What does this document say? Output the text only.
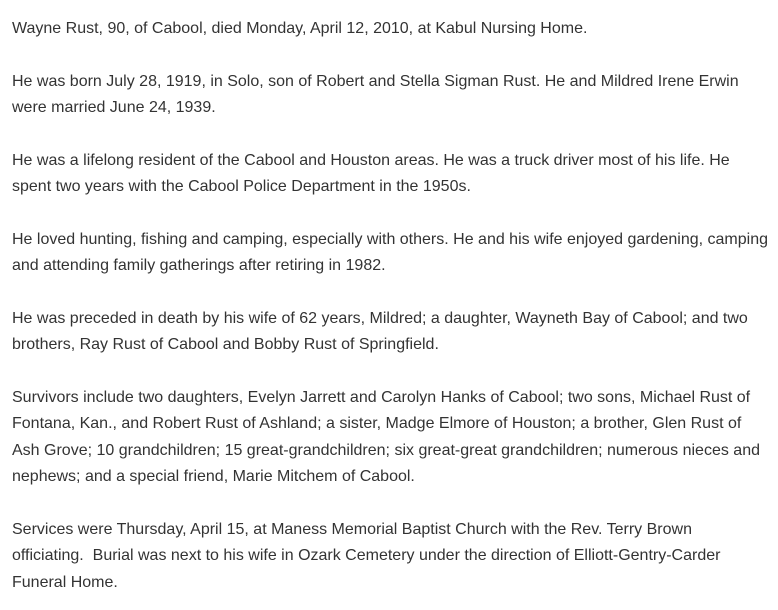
Wayne Rust, 90, of Cabool, died Monday, April 12, 2010, at Kabul Nursing Home.

He was born July 28, 1919, in Solo, son of Robert and Stella Sigman Rust. He and Mildred Irene Erwin were married June 24, 1939.

He was a lifelong resident of the Cabool and Houston areas. He was a truck driver most of his life. He spent two years with the Cabool Police Department in the 1950s.

He loved hunting, fishing and camping, especially with others. He and his wife enjoyed gardening, camping and attending family gatherings after retiring in 1982.

He was preceded in death by his wife of 62 years, Mildred; a daughter, Wayneth Bay of Cabool; and two brothers, Ray Rust of Cabool and Bobby Rust of Springfield.

Survivors include two daughters, Evelyn Jarrett and Carolyn Hanks of Cabool; two sons, Michael Rust of Fontana, Kan., and Robert Rust of Ashland; a sister, Madge Elmore of Houston; a brother, Glen Rust of Ash Grove; 10 grandchildren; 15 great-grandchildren; six great-great grandchildren; numerous nieces and nephews; and a special friend, Marie Mitchem of Cabool.

Services were Thursday, April 15, at Maness Memorial Baptist Church with the Rev. Terry Brown officiating.  Burial was next to his wife in Ozark Cemetery under the direction of Elliott-Gentry-Carder Funeral Home.
